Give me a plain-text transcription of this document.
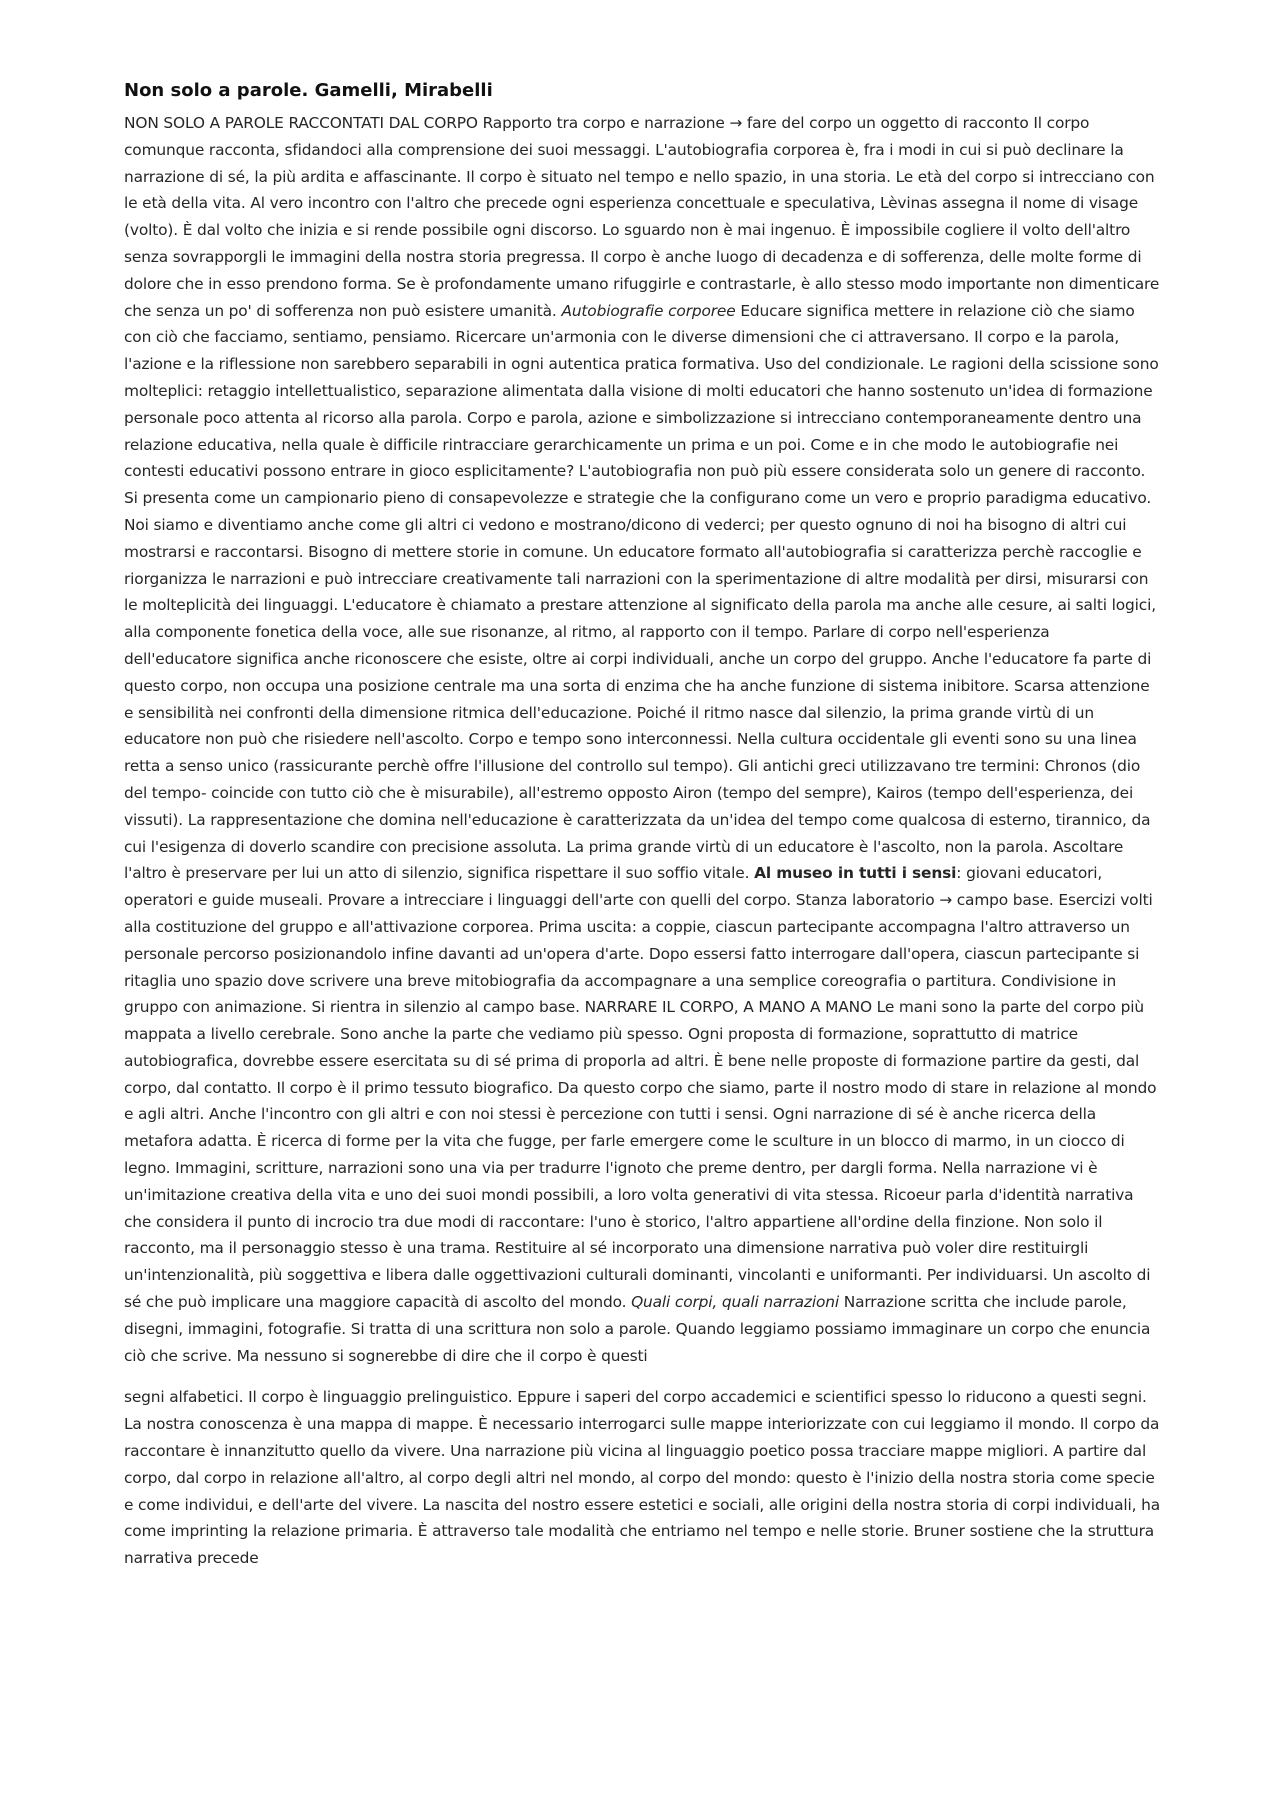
Non solo a parole. Gamelli, Mirabelli

NON SOLO A PAROLE RACCONTATI DAL CORPO Rapporto tra corpo e narrazione → fare del corpo un oggetto di racconto Il corpo comunque racconta, sfidandoci alla comprensione dei suoi messaggi. L'autobiografia corporea è, fra i modi in cui si può declinare la narrazione di sé, la più ardita e affascinante. Il corpo è situato nel tempo e nello spazio, in una storia. Le età del corpo si intrecciano con le età della vita. Al vero incontro con l'altro che precede ogni esperienza concettuale e speculativa, Lèvinas assegna il nome di visage (volto). È dal volto che inizia e si rende possibile ogni discorso. Lo sguardo non è mai ingenuo. È impossibile cogliere il volto dell'altro senza sovrapporgli le immagini della nostra storia pregressa. Il corpo è anche luogo di decadenza e di sofferenza, delle molte forme di dolore che in esso prendono forma. Se è profondamente umano rifuggirle e contrastarle, è allo stesso modo importante non dimenticare che senza un po' di sofferenza non può esistere umanità. Autobiografie corporee Educare significa mettere in relazione ciò che siamo con ciò che facciamo, sentiamo, pensiamo. Ricercare un'armonia con le diverse dimensioni che ci attraversano. Il corpo e la parola, l'azione e la riflessione non sarebbero separabili in ogni autentica pratica formativa. Uso del condizionale. Le ragioni della scissione sono molteplici: retaggio intellettualistico, separazione alimentata dalla visione di molti educatori che hanno sostenuto un'idea di formazione personale poco attenta al ricorso alla parola. Corpo e parola, azione e simbolizzazione si intrecciano contemporaneamente dentro una relazione educativa, nella quale è difficile rintracciare gerarchicamente un prima e un poi. Come e in che modo le autobiografie nei contesti educativi possono entrare in gioco esplicitamente? L'autobiografia non può più essere considerata solo un genere di racconto. Si presenta come un campionario pieno di consapevolezze e strategie che la configurano come un vero e proprio paradigma educativo. Noi siamo e diventiamo anche come gli altri ci vedono e mostrano/dicono di vederci; per questo ognuno di noi ha bisogno di altri cui mostrarsi e raccontarsi. Bisogno di mettere storie in comune. Un educatore formato all'autobiografia si caratterizza perchè raccoglie e riorganizza le narrazioni e può intrecciare creativamente tali narrazioni con la sperimentazione di altre modalità per dirsi, misurarsi con le molteplicità dei linguaggi. L'educatore è chiamato a prestare attenzione al significato della parola ma anche alle cesure, ai salti logici, alla componente fonetica della voce, alle sue risonanze, al ritmo, al rapporto con il tempo. Parlare di corpo nell'esperienza dell'educatore significa anche riconoscere che esiste, oltre ai corpi individuali, anche un corpo del gruppo. Anche l'educatore fa parte di questo corpo, non occupa una posizione centrale ma una sorta di enzima che ha anche funzione di sistema inibitore. Scarsa attenzione e sensibilità nei confronti della dimensione ritmica dell'educazione. Poiché il ritmo nasce dal silenzio, la prima grande virtù di un educatore non può che risiedere nell'ascolto. Corpo e tempo sono interconnessi. Nella cultura occidentale gli eventi sono su una linea retta a senso unico (rassicurante perchè offre l'illusione del controllo sul tempo). Gli antichi greci utilizzavano tre termini: Chronos (dio del tempo- coincide con tutto ciò che è misurabile), all'estremo opposto Airon (tempo del sempre), Kairos (tempo dell'esperienza, dei vissuti). La rappresentazione che domina nell'educazione è caratterizzata da un'idea del tempo come qualcosa di esterno, tirannico, da cui l'esigenza di doverlo scandire con precisione assoluta. La prima grande virtù di un educatore è l'ascolto, non la parola. Ascoltare l'altro è preservare per lui un atto di silenzio, significa rispettare il suo soffio vitale. Al museo in tutti i sensi: giovani educatori, operatori e guide museali. Provare a intrecciare i linguaggi dell'arte con quelli del corpo. Stanza laboratorio → campo base. Esercizi volti alla costituzione del gruppo e all'attivazione corporea. Prima uscita: a coppie, ciascun partecipante accompagna l'altro attraverso un personale percorso posizionandolo infine davanti ad un'opera d'arte. Dopo essersi fatto interrogare dall'opera, ciascun partecipante si ritaglia uno spazio dove scrivere una breve mitobiografia da accompagnare a una semplice coreografia o partitura. Condivisione in gruppo con animazione. Si rientra in silenzio al campo base. NARRARE IL CORPO, A MANO A MANO Le mani sono la parte del corpo più mappata a livello cerebrale. Sono anche la parte che vediamo più spesso. Ogni proposta di formazione, soprattutto di matrice autobiografica, dovrebbe essere esercitata su di sé prima di proporla ad altri. È bene nelle proposte di formazione partire da gesti, dal corpo, dal contatto. Il corpo è il primo tessuto biografico. Da questo corpo che siamo, parte il nostro modo di stare in relazione al mondo e agli altri. Anche l'incontro con gli altri e con noi stessi è percezione con tutti i sensi. Ogni narrazione di sé è anche ricerca della metafora adatta. È ricerca di forme per la vita che fugge, per farle emergere come le sculture in un blocco di marmo, in un ciocco di legno. Immagini, scritture, narrazioni sono una via per tradurre l'ignoto che preme dentro, per dargli forma. Nella narrazione vi è un'imitazione creativa della vita e uno dei suoi mondi possibili, a loro volta generativi di vita stessa. Ricoeur parla d'identità narrativa che considera il punto di incrocio tra due modi di raccontare: l'uno è storico, l'altro appartiene all'ordine della finzione. Non solo il racconto, ma il personaggio stesso è una trama. Restituire al sé incorporato una dimensione narrativa può voler dire restituirgli un'intenzionalità, più soggettiva e libera dalle oggettivazioni culturali dominanti, vincolanti e uniformanti. Per individuarsi. Un ascolto di sé che può implicare una maggiore capacità di ascolto del mondo. Quali corpi, quali narrazioni Narrazione scritta che include parole, disegni, immagini, fotografie. Si tratta di una scrittura non solo a parole. Quando leggiamo possiamo immaginare un corpo che enuncia ciò che scrive. Ma nessuno si sognerebbe di dire che il corpo è questi

segni alfabetici. Il corpo è linguaggio prelinguistico. Eppure i saperi del corpo accademici e scientifici spesso lo riducono a questi segni. La nostra conoscenza è una mappa di mappe. È necessario interrogarci sulle mappe interiorizzate con cui leggiamo il mondo. Il corpo da raccontare è innanzitutto quello da vivere. Una narrazione più vicina al linguaggio poetico possa tracciare mappe migliori. A partire dal corpo, dal corpo in relazione all'altro, al corpo degli altri nel mondo, al corpo del mondo: questo è l'inizio della nostra storia come specie e come individui, e dell'arte del vivere. La nascita del nostro essere estetici e sociali, alle origini della nostra storia di corpi individuali, ha come imprinting la relazione primaria. È attraverso tale modalità che entriamo nel tempo e nelle storie. Bruner sostiene che la struttura narrativa precede
